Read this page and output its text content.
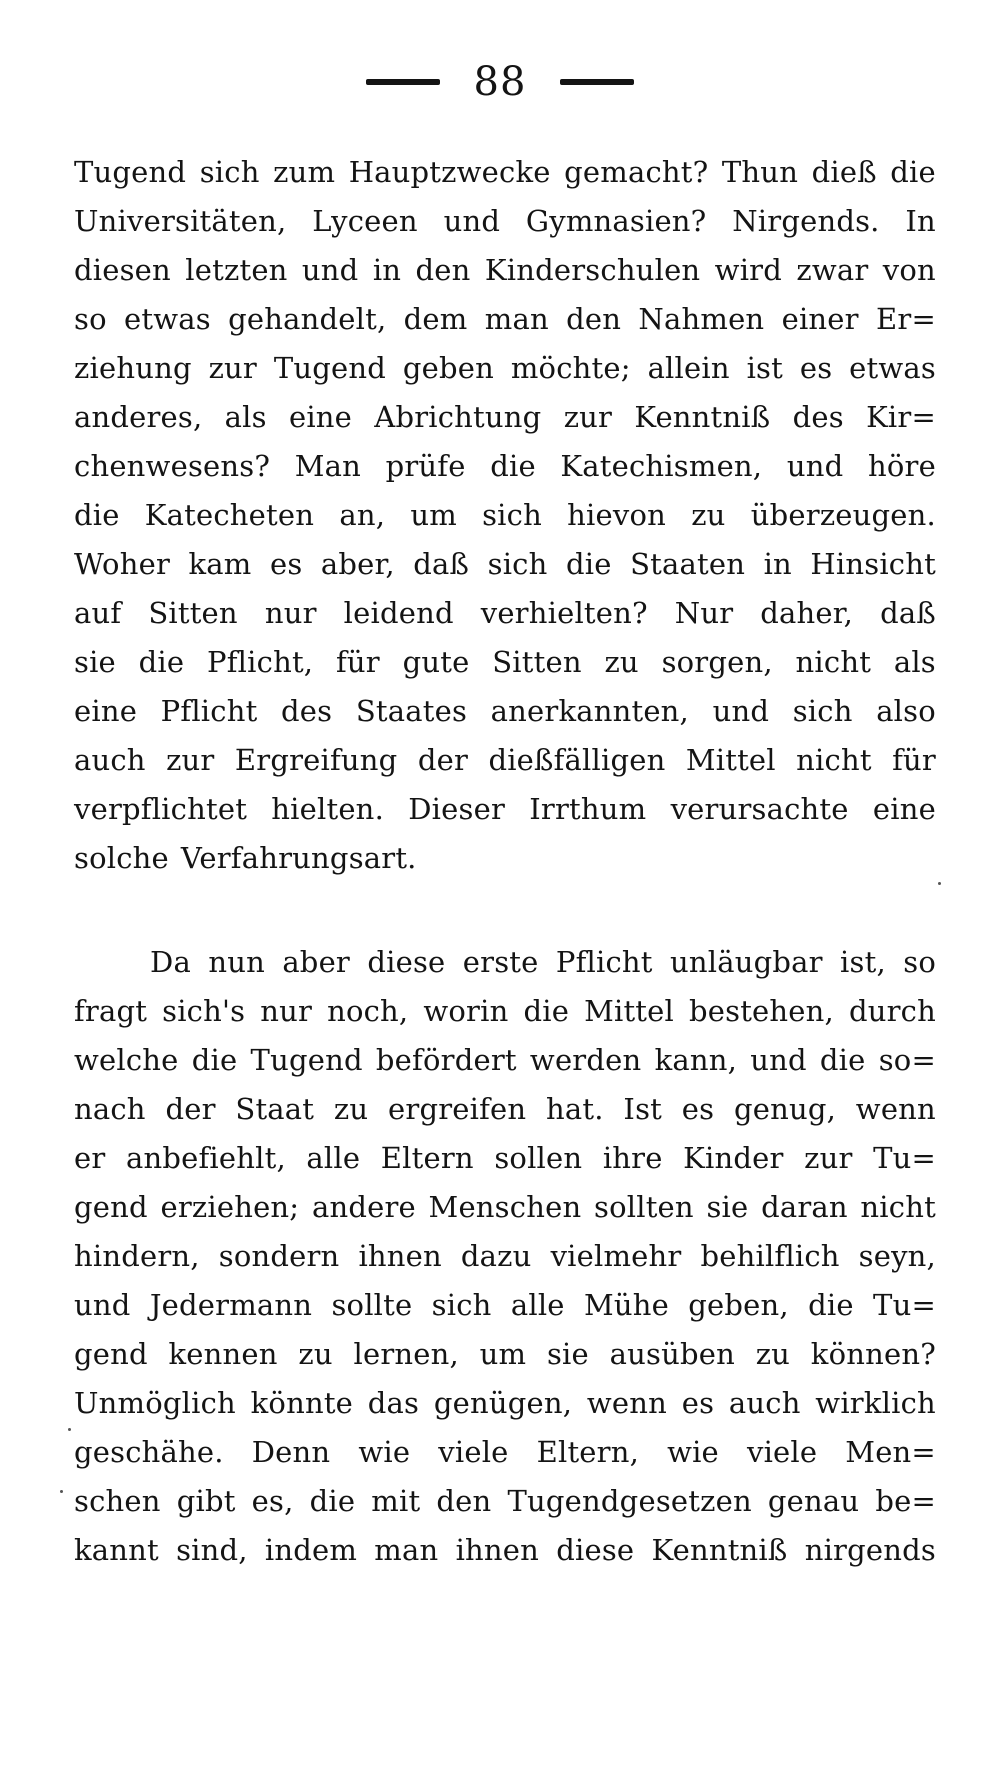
88
Tugend sich zum Hauptzwecke gemacht? Thun dieß die
Universitäten, Lyceen und Gymnasien? Nirgends. In
diesen letzten und in den Kinderschulen wird zwar von
so etwas gehandelt, dem man den Nahmen einer Er=
ziehung zur Tugend geben möchte; allein ist es etwas
anderes, als eine Abrichtung zur Kenntniß des Kir=
chenwesens? Man prüfe die Katechismen, und höre
die Katecheten an, um sich hievon zu überzeugen.
Woher kam es aber, daß sich die Staaten in Hinsicht
auf Sitten nur leidend verhielten? Nur daher, daß
sie die Pflicht, für gute Sitten zu sorgen, nicht als
eine Pflicht des Staates anerkannten, und sich also
auch zur Ergreifung der dießfälligen Mittel nicht für
verpflichtet hielten. Dieser Irrthum verursachte eine
solche Verfahrungsart.
Da nun aber diese erste Pflicht unläugbar ist, so
fragt sich's nur noch, worin die Mittel bestehen, durch
welche die Tugend befördert werden kann, und die so=
nach der Staat zu ergreifen hat. Ist es genug, wenn
er anbefiehlt, alle Eltern sollen ihre Kinder zur Tu=
gend erziehen; andere Menschen sollten sie daran nicht
hindern, sondern ihnen dazu vielmehr behilflich seyn,
und Jedermann sollte sich alle Mühe geben, die Tu=
gend kennen zu lernen, um sie ausüben zu können?
Unmöglich könnte das genügen, wenn es auch wirklich
geschähe. Denn wie viele Eltern, wie viele Men=
schen gibt es, die mit den Tugendgesetzen genau be=
kannt sind, indem man ihnen diese Kenntniß nirgends
